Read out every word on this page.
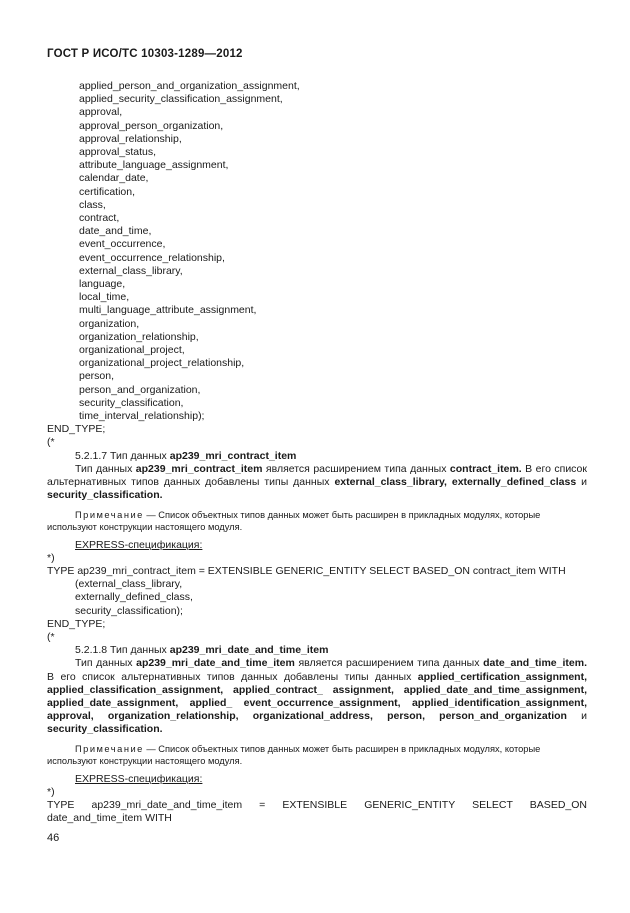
ГОСТ Р ИСО/ТС 10303-1289—2012
applied_person_and_organization_assignment,
applied_security_classification_assignment,
approval,
approval_person_organization,
approval_relationship,
approval_status,
attribute_language_assignment,
calendar_date,
certification,
class,
contract,
date_and_time,
event_occurrence,
event_occurrence_relationship,
external_class_library,
language,
local_time,
multi_language_attribute_assignment,
organization,
organization_relationship,
organizational_project,
organizational_project_relationship,
person,
person_and_organization,
security_classification,
time_interval_relationship);
END_TYPE;
(*
5.2.1.7 Тип данных ap239_mri_contract_item
Тип данных ap239_mri_contract_item является расширением типа данных contract_item. В его список альтернативных типов данных добавлены типы данных external_class_library, externally_defined_class и security_classification.
Примечание — Список объектных типов данных может быть расширен в прикладных модулях, которые используют конструкции настоящего модуля.
EXPRESS-спецификация:
*)
TYPE ap239_mri_contract_item = EXTENSIBLE GENERIC_ENTITY SELECT BASED_ON contract_item WITH
(external_class_library,
externally_defined_class,
security_classification);
END_TYPE;
(*
5.2.1.8 Тип данных ap239_mri_date_and_time_item
Тип данных ap239_mri_date_and_time_item является расширением типа данных date_and_time_item. В его список альтернативных типов данных добавлены типы данных applied_certification_assignment, applied_classification_assignment, applied_contract_ assignment, applied_date_and_time_assignment, applied_date_assignment, applied_ event_occurrence_assignment, applied_identification_assignment, approval, organization_relationship, organizational_address, person, person_and_organization и security_classification.
Примечание — Список объектных типов данных может быть расширен в прикладных модулях, которые используют конструкции настоящего модуля.
EXPRESS-спецификация:
*)
TYPE ap239_mri_date_and_time_item = EXTENSIBLE GENERIC_ENTITY SELECT BASED_ON
date_and_time_item WITH
46
